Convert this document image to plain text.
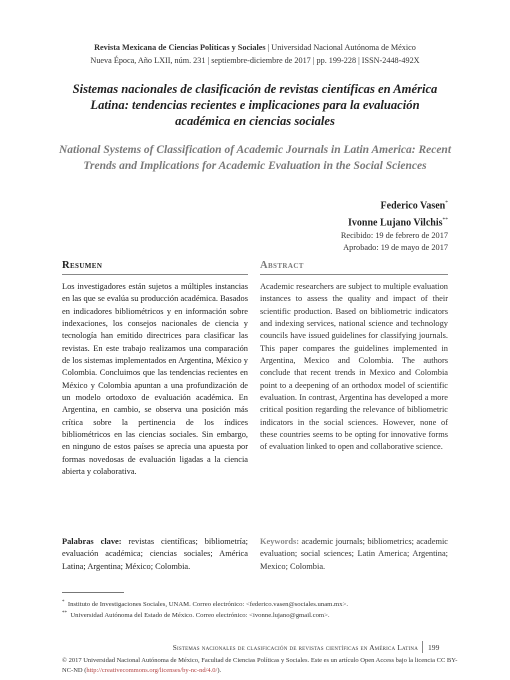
Revista Mexicana de Ciencias Políticas y Sociales | Universidad Nacional Autónoma de México
Nueva Época, Año LXII, núm. 231 | septiembre-diciembre de 2017 | pp. 199-228 | ISSN-2448-492X
Sistemas nacionales de clasificación de revistas científicas en América Latina: tendencias recientes e implicaciones para la evaluación académica en ciencias sociales
National Systems of Classification of Academic Journals in Latin America: Recent Trends and Implications for Academic Evaluation in the Social Sciences
Federico Vasen*
Ivonne Lujano Vilchis**
Recibido: 19 de febrero de 2017
Aprobado: 19 de mayo de 2017
Resumen	Abstract
Los investigadores están sujetos a múltiples instancias en las que se evalúa su producción académica. Basados en indicadores bibliométricos y en información sobre indexaciones, los consejos nacionales de ciencia y tecnología han emitido directrices para clasificar las revistas. En este trabajo realizamos una comparación de los sistemas implementados en Argentina, México y Colombia. Concluimos que las tendencias recientes en México y Colombia apuntan a una profundización de un modelo ortodoxo de evaluación académica. En Argentina, en cambio, se observa una posición más crítica sobre la pertinencia de los índices bibliométricos en las ciencias sociales. Sin embargo, en ninguno de estos países se aprecia una apuesta por formas novedosas de evaluación ligadas a la ciencia abierta y colaborativa.
Academic researchers are subject to multiple evaluation instances to assess the quality and impact of their scientific production. Based on bibliometric indicators and indexing services, national science and technology councils have issued guidelines for classifying journals. This paper compares the guidelines implemented in Argentina, Mexico and Colombia. The authors conclude that recent trends in Mexico and Colombia point to a deepening of an orthodox model of scientific evaluation. In contrast, Argentina has developed a more critical position regarding the relevance of bibliometric indicators in the social sciences. However, none of these countries seems to be opting for innovative forms of evaluation linked to open and collaborative science.
Palabras clave: revistas científicas; bibliometría; evaluación académica; ciencias sociales; América Latina; Argentina; México; Colombia.
Keywords: academic journals; bibliometrics; academic evaluation; social sciences; Latin America; Argentina; Mexico; Colombia.
* Instituto de Investigaciones Sociales, UNAM. Correo electrónico: <federico.vasen@sociales.unam.mx>.
** Universidad Autónoma del Estado de México. Correo electrónico: <ivonne.lujano@gmail.com>.
Sistemas nacionales de clasificación de revistas científicas en América Latina 199
© 2017 Universidad Nacional Autónoma de México, Facultad de Ciencias Políticas y Sociales. Este es un artículo Open Access bajo la licencia CC BY-NC-ND (http://creativecommons.org/licenses/by-nc-nd/4.0/).
